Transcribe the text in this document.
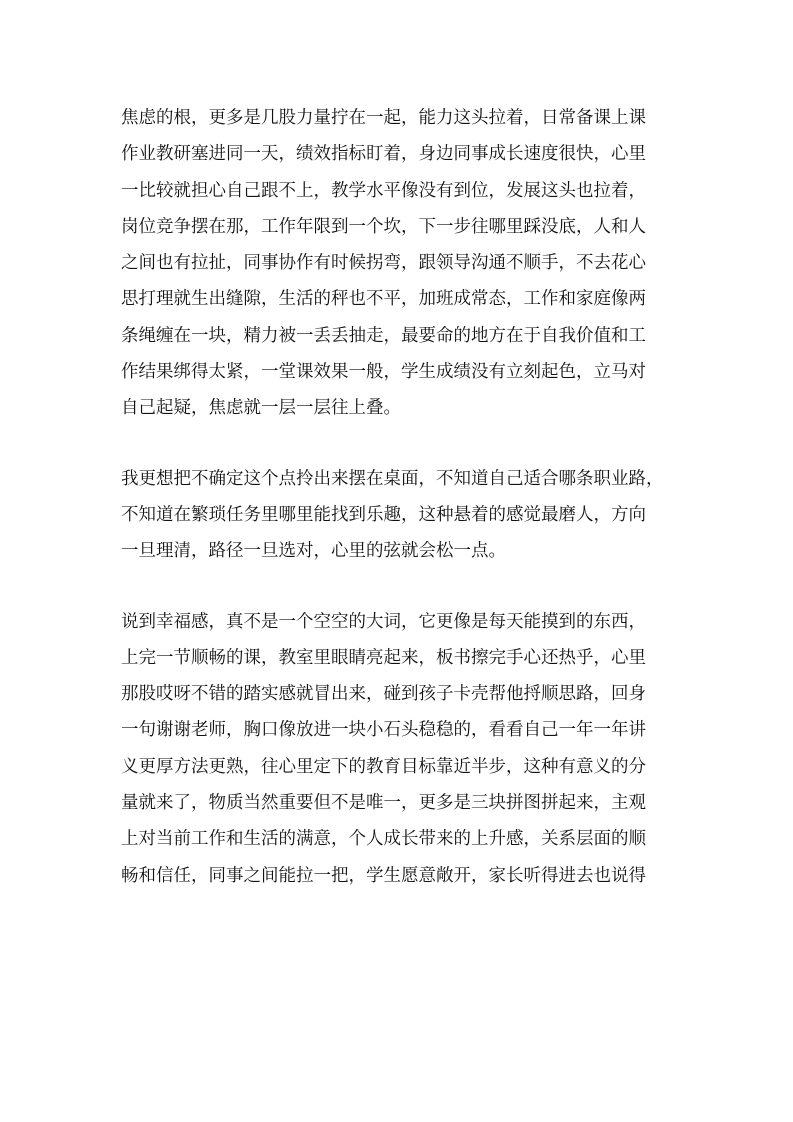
焦虑的根，更多是几股力量拧在一起，能力这头拉着，日常备课上课
作业教研塞进同一天，绩效指标盯着，身边同事成长速度很快，心里
一比较就担心自己跟不上，教学水平像没有到位，发展这头也拉着，
岗位竞争摆在那，工作年限到一个坎，下一步往哪里踩没底，人和人
之间也有拉扯，同事协作有时候拐弯，跟领导沟通不顺手，不去花心
思打理就生出缝隙，生活的秤也不平，加班成常态，工作和家庭像两
条绳缠在一块，精力被一丢丢抽走，最要命的地方在于自我价值和工
作结果绑得太紧，一堂课效果一般，学生成绩没有立刻起色，立马对
自己起疑，焦虑就一层一层往上叠。
我更想把不确定这个点拎出来摆在桌面，不知道自己适合哪条职业路，
不知道在繁琐任务里哪里能找到乐趣，这种悬着的感觉最磨人，方向
一旦理清，路径一旦选对，心里的弦就会松一点。
说到幸福感，真不是一个空空的大词，它更像是每天能摸到的东西，
上完一节顺畅的课，教室里眼睛亮起来，板书擦完手心还热乎，心里
那股哎呀不错的踏实感就冒出来，碰到孩子卡壳帮他捋顺思路，回身
一句谢谢老师，胸口像放进一块小石头稳稳的，看看自己一年一年讲
义更厚方法更熟，往心里定下的教育目标靠近半步，这种有意义的分
量就来了，物质当然重要但不是唯一，更多是三块拼图拼起来，主观
上对当前工作和生活的满意，个人成长带来的上升感，关系层面的顺
畅和信任，同事之间能拉一把，学生愿意敞开，家长听得进去也说得
